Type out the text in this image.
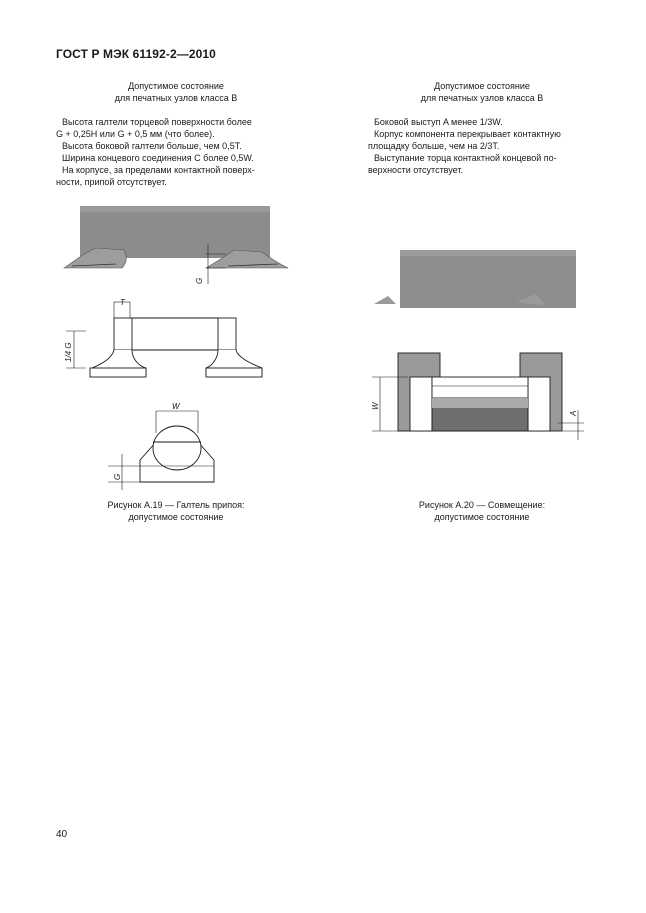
ГОСТ Р МЭК 61192-2—2010
Допустимое состояние
для печатных узлов класса В
Высота галтели торцевой поверхности более
G + 0,25H или G + 0,5 мм (что более).
Высота боковой галтели больше, чем 0,5T.
Ширина концевого соединения C более 0,5W.
На корпусе, за пределами контактной поверх-
ности, припой отсутствует.
Допустимое состояние
для печатных узлов класса В
Боковой выступ A менее 1/3W.
Корпус компонента перекрывает контактную
площадку больше, чем на 2/3T.
Выступание торца контактной концевой по-
верхности отсутствует.
G
T
1/4 G
W
G
W
A
Рисунок А.19 — Галтель припоя:
допустимое состояние
Рисунок А.20 — Совмещение:
допустимое состояние
40
